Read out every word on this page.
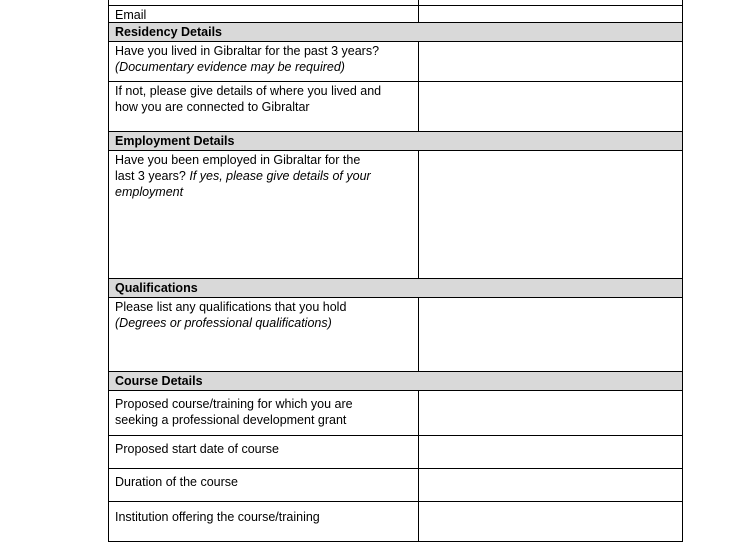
Email
Residency Details
Have you lived in Gibraltar for the past 3 years?
(Documentary evidence may be required)
If not, please give details of where you lived and
how you are connected to Gibraltar
Employment Details
Have you been employed in Gibraltar for the
last 3 years? If yes, please give details of your
employment
Qualifications
Please list any qualifications that you hold
(Degrees or professional qualifications)
Course Details
Proposed course/training for which you are
seeking a professional development grant
Proposed start date of course
Duration of the course
Institution offering the course/training
